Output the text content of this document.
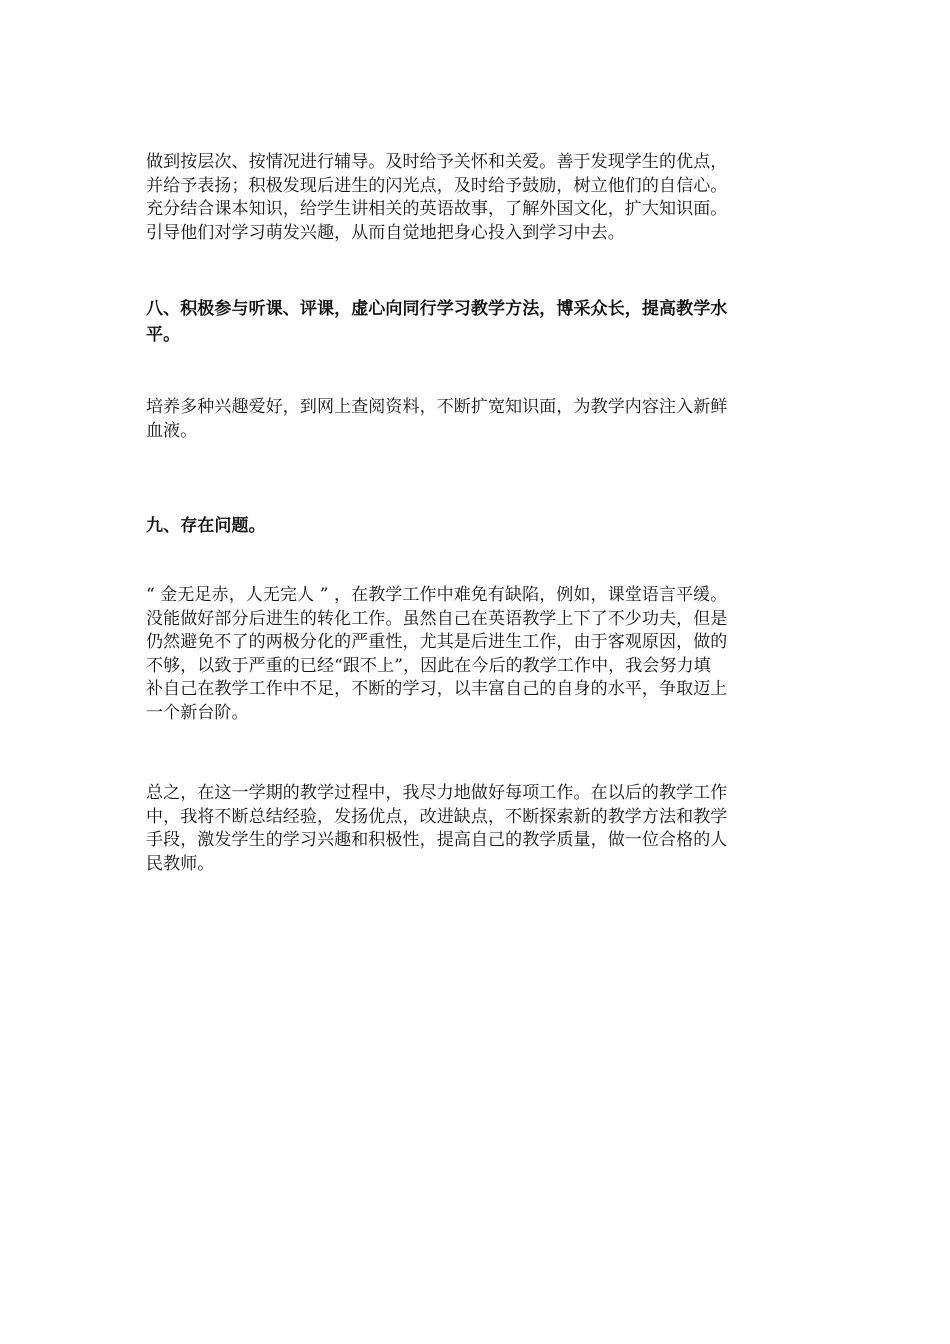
做到按层次、按情况进行辅导。及时给予关怀和关爱。善于发现学生的优点，
并给予表扬；积极发现后进生的闪光点，及时给予鼓励，树立他们的自信心。
充分结合课本知识，给学生讲相关的英语故事，了解外国文化，扩大知识面。
引导他们对学习萌发兴趣，从而自觉地把身心投入到学习中去。
八、积极参与听课、评课，虚心向同行学习教学方法，博采众长，提高教学水
平。
培养多种兴趣爱好，到网上查阅资料，不断扩宽知识面，为教学内容注入新鲜
血液。
九、存在问题。
“ 金无足赤，人无完人 ” ，在教学工作中难免有缺陷，例如，课堂语言平缓。
没能做好部分后进生的转化工作。虽然自己在英语教学上下了不少功夫，但是
仍然避免不了的两极分化的严重性，尤其是后进生工作，由于客观原因，做的
不够，以致于严重的已经“跟不上”，因此在今后的教学工作中，我会努力填
补自己在教学工作中不足，不断的学习，以丰富自己的自身的水平，争取迈上
一个新台阶。
总之，在这一学期的教学过程中，我尽力地做好每项工作。在以后的教学工作
中，我将不断总结经验，发扬优点，改进缺点，不断探索新的教学方法和教学
手段，激发学生的学习兴趣和积极性，提高自己的教学质量，做一位合格的人
民教师。
